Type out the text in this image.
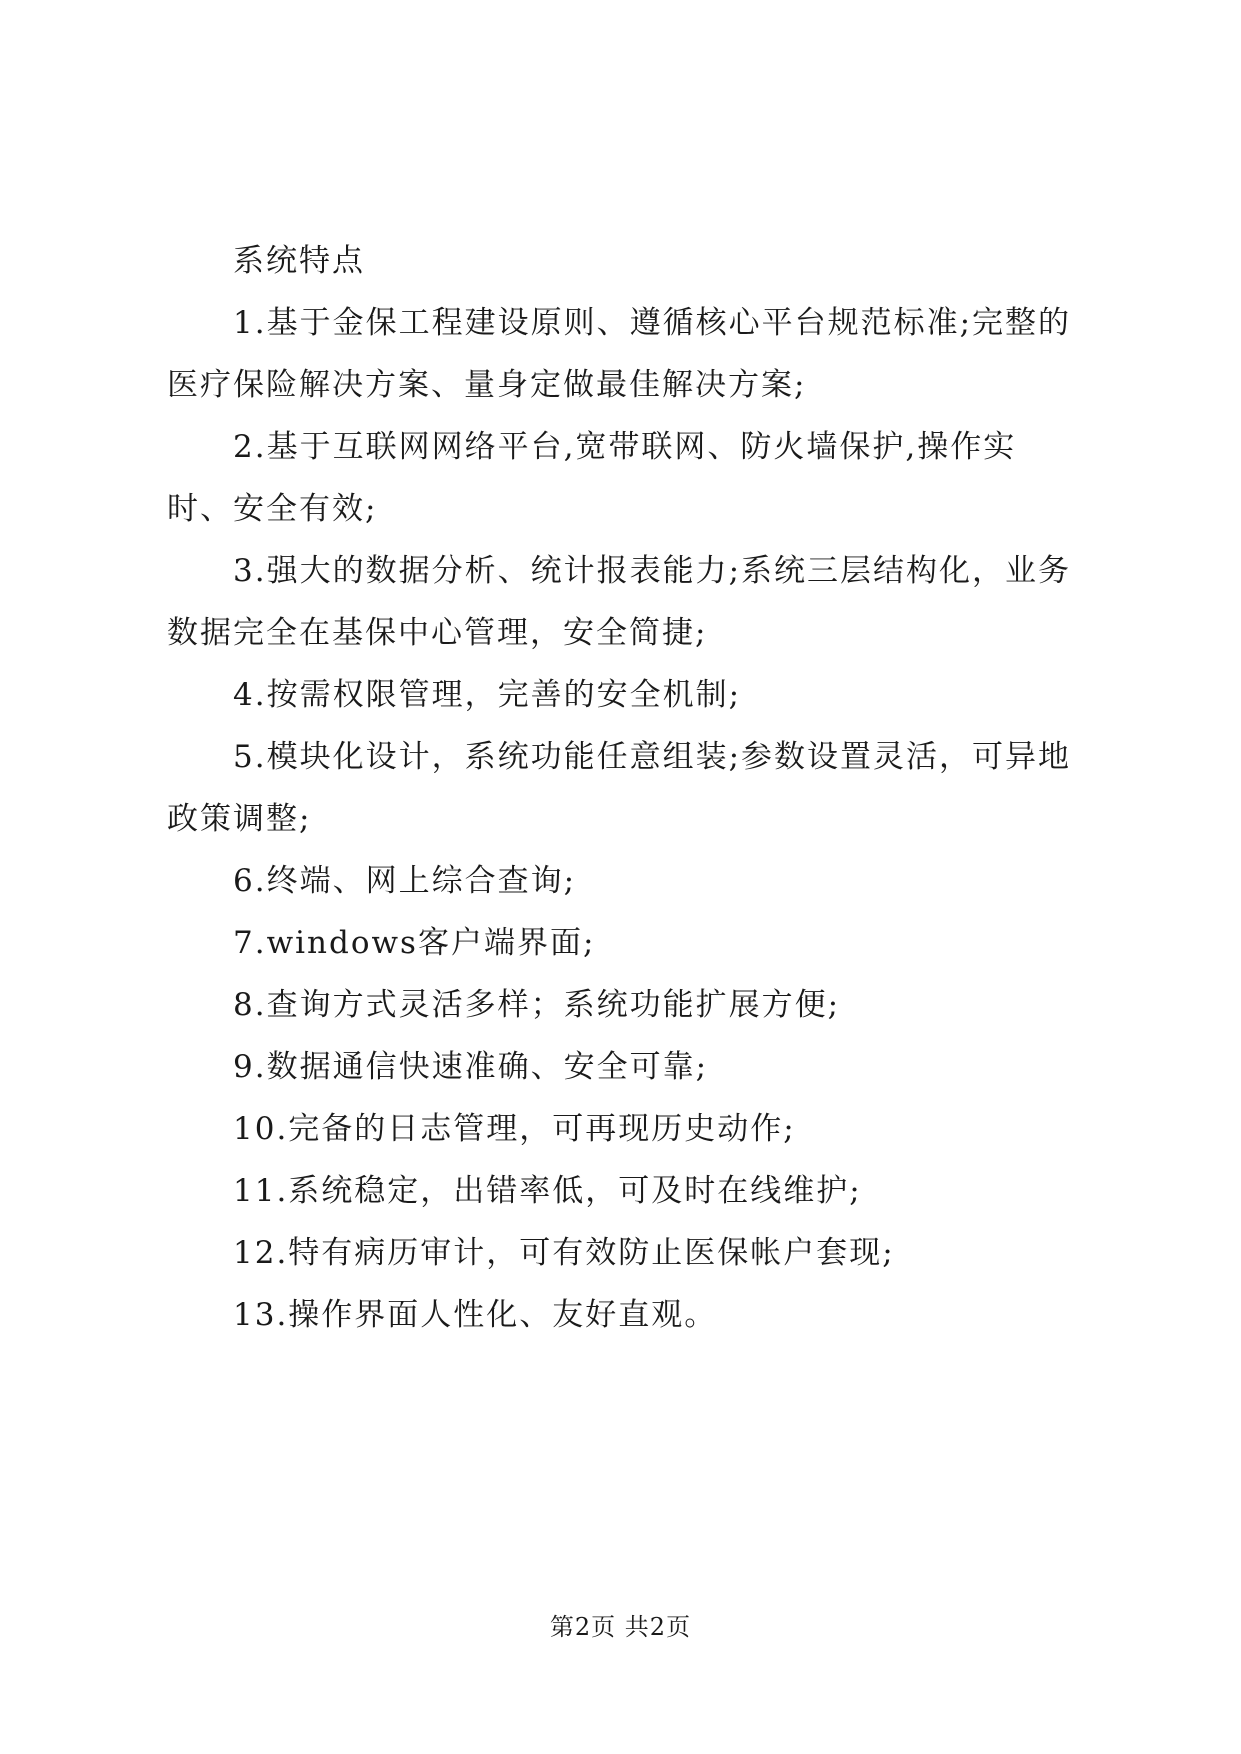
系统特点

1.基于金保工程建设原则、遵循核心平台规范标准;完整的医疗保险解决方案、量身定做最佳解决方案;

2.基于互联网网络平台,宽带联网、防火墙保护,操作实时、安全有效;

3.强大的数据分析、统计报表能力;系统三层结构化，业务数据完全在基保中心管理，安全简捷;

4.按需权限管理，完善的安全机制;

5.模块化设计，系统功能任意组装;参数设置灵活，可异地政策调整;

6.终端、网上综合查询;

7.windows客户端界面;

8.查询方式灵活多样；系统功能扩展方便;

9.数据通信快速准确、安全可靠;

10.完备的日志管理，可再现历史动作;

11.系统稳定，出错率低，可及时在线维护;

12.特有病历审计，可有效防止医保帐户套现;

13.操作界面人性化、友好直观。

第2页 共2页
